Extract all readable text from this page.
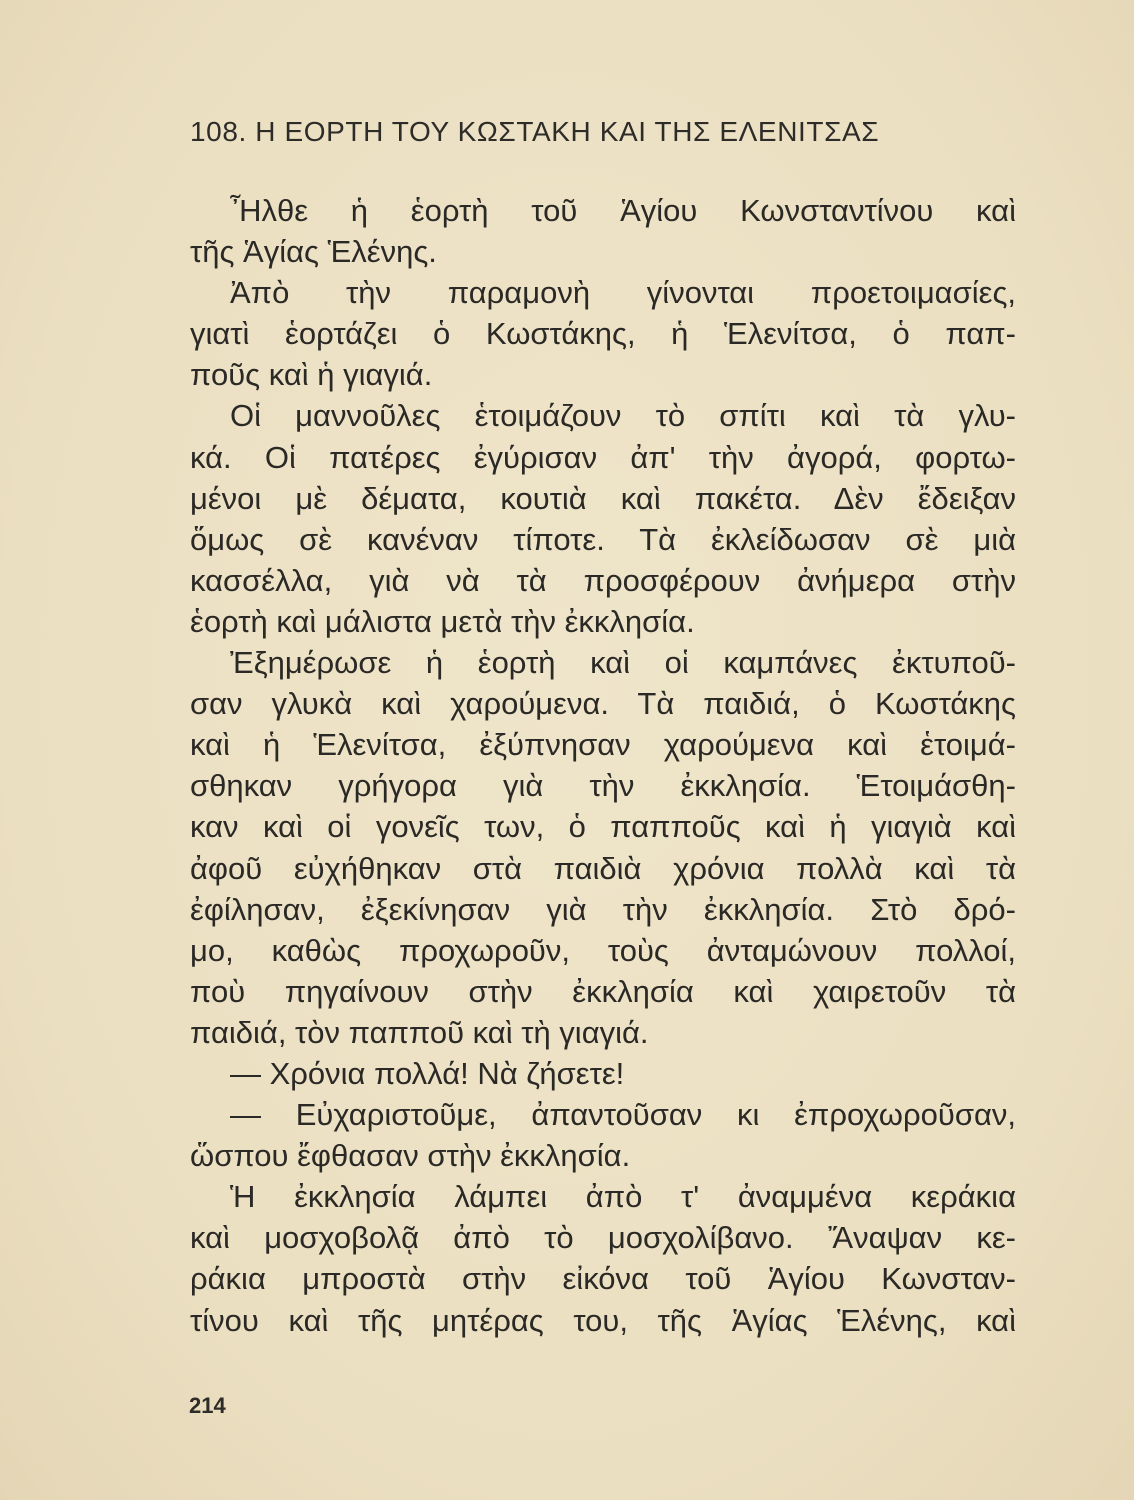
108. Η ΕΟΡΤΗ ΤΟΥ ΚΩΣΤΑΚΗ ΚΑΙ ΤΗΣ ΕΛΕΝΙΤΣΑΣ
Ἦλθε ἡ ἑορτὴ τοῦ Ἁγίου Κωνσταντίνου καὶ
τῆς Ἁγίας Ἑλένης.
Ἀπὸ τὴν παραμονὴ γίνονται προετοιμασίες,
γιατὶ ἑορτάζει ὁ Κωστάκης, ἡ Ἑλενίτσα, ὁ παπ-
ποῦς καὶ ἡ γιαγιά.
Οἱ μαννοῦλες ἑτοιμάζουν τὸ σπίτι καὶ τὰ γλυ-
κά. Οἱ πατέρες ἐγύρισαν ἀπ' τὴν ἀγορά, φορτω-
μένοι μὲ δέματα, κουτιὰ καὶ πακέτα. Δὲν ἔδειξαν
ὅμως σὲ κανέναν τίποτε. Τὰ ἐκλείδωσαν σὲ μιὰ
κασσέλλα, γιὰ νὰ τὰ προσφέρουν ἀνήμερα στὴν
ἑορτὴ καὶ μάλιστα μετὰ τὴν ἐκκλησία.
Ἐξημέρωσε ἡ ἑορτὴ καὶ οἱ καμπάνες ἐκτυποῦ-
σαν γλυκὰ καὶ χαρούμενα. Τὰ παιδιά, ὁ Κωστάκης
καὶ ἡ Ἑλενίτσα, ἐξύπνησαν χαρούμενα καὶ ἑτοιμά-
σθηκαν γρήγορα γιὰ τὴν ἐκκλησία. Ἑτοιμάσθη-
καν καὶ οἱ γονεῖς των, ὁ παπποῦς καὶ ἡ γιαγιὰ καὶ
ἀφοῦ εὐχήθηκαν στὰ παιδιὰ χρόνια πολλὰ καὶ τὰ
ἐφίλησαν, ἐξεκίνησαν γιὰ τὴν ἐκκλησία. Στὸ δρό-
μο, καθὼς προχωροῦν, τοὺς ἀνταμώνουν πολλοί,
ποὺ πηγαίνουν στὴν ἐκκλησία καὶ χαιρετοῦν τὰ
παιδιά, τὸν παπποῦ καὶ τὴ γιαγιά.
— Χρόνια πολλά! Νὰ ζήσετε!
— Εὐχαριστοῦμε, ἀπαντοῦσαν κι ἐπροχωροῦσαν,
ὥσπου ἔφθασαν στὴν ἐκκλησία.
Ἡ ἐκκλησία λάμπει ἀπὸ τ' ἀναμμένα κεράκια
καὶ μοσχοβολᾷ ἀπὸ τὸ μοσχολίβανο. Ἄναψαν κε-
ράκια μπροστὰ στὴν εἰκόνα τοῦ Ἁγίου Κωνσταν-
τίνου καὶ τῆς μητέρας του, τῆς Ἁγίας Ἑλένης, καὶ
214
